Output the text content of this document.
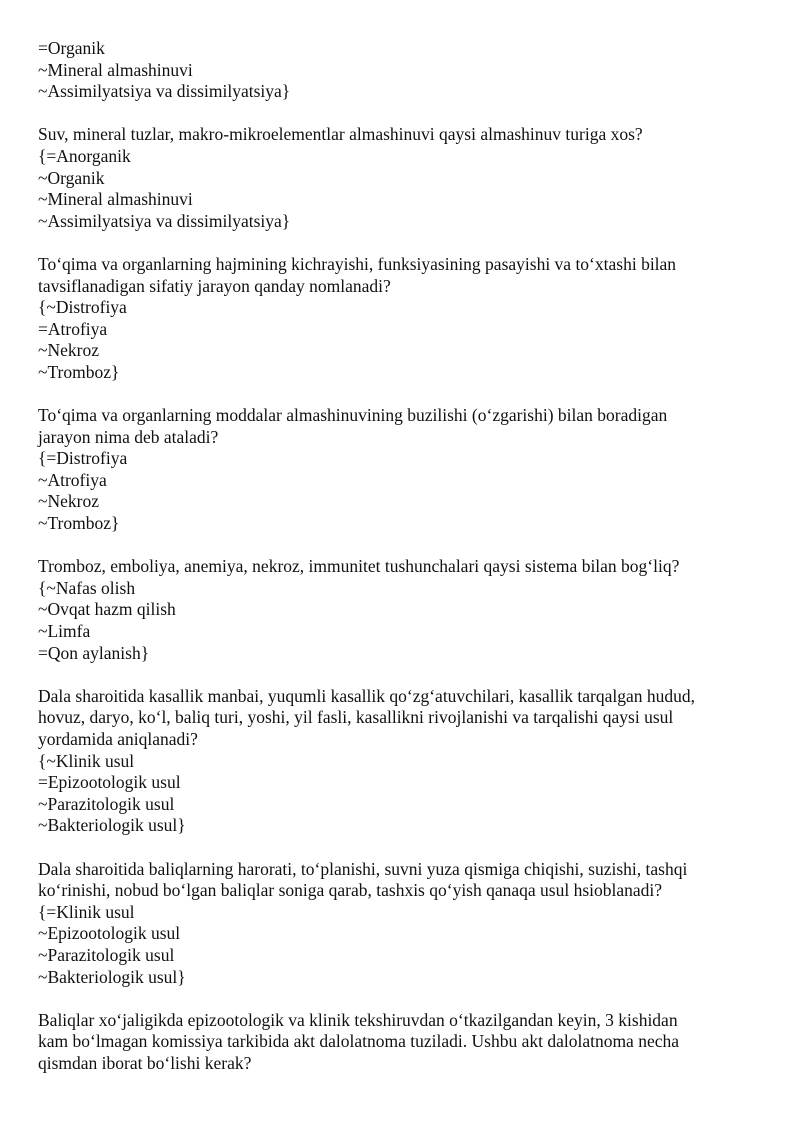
=Organik
~Mineral almashinuvi
~Assimilyatsiya va dissimilyatsiya}
Suv, mineral tuzlar, makro-mikroelementlar almashinuvi qaysi almashinuv turiga xos?
{=Anorganik
~Organik
~Mineral almashinuvi
~Assimilyatsiya va dissimilyatsiya}
To‘qima va organlarning hajmining kichrayishi, funksiyasining pasayishi va to‘xtashi bilan
tavsiflanadigan sifatiy jarayon qanday nomlanadi?
{~Distrofiya
=Atrofiya
~Nekroz
~Tromboz}
To‘qima va organlarning moddalar almashinuvining buzilishi (o‘zgarishi) bilan boradigan
jarayon nima deb ataladi?
{=Distrofiya
~Atrofiya
~Nekroz
~Tromboz}
Tromboz, emboliya, anemiya, nekroz, immunitet tushunchalari qaysi sistema bilan bog‘liq?
{~Nafas olish
~Ovqat hazm qilish
~Limfa
=Qon aylanish}
Dala sharoitida kasallik manbai, yuqumli kasallik qo‘zg‘atuvchilari, kasallik tarqalgan hudud,
hovuz, daryo, ko‘l, baliq turi, yoshi, yil fasli, kasallikni rivojlanishi va tarqalishi qaysi usul
yordamida aniqlanadi?
{~Klinik usul
=Epizootologik usul
~Parazitologik usul
~Bakteriologik usul}
Dala sharoitida baliqlarning harorati, to‘planishi, suvni yuza qismiga chiqishi, suzishi, tashqi
ko‘rinishi, nobud bo‘lgan baliqlar soniga qarab, tashxis qo‘yish qanaqa usul hsioblanadi?
{=Klinik usul
~Epizootologik usul
~Parazitologik usul
~Bakteriologik usul}
Baliqlar xo‘jaligikda epizootologik va klinik tekshiruvdan o‘tkazilgandan keyin, 3 kishidan
kam bo‘lmagan komissiya tarkibida akt dalolatnoma tuziladi. Ushbu akt dalolatnoma necha
qismdan iborat bo‘lishi kerak?
